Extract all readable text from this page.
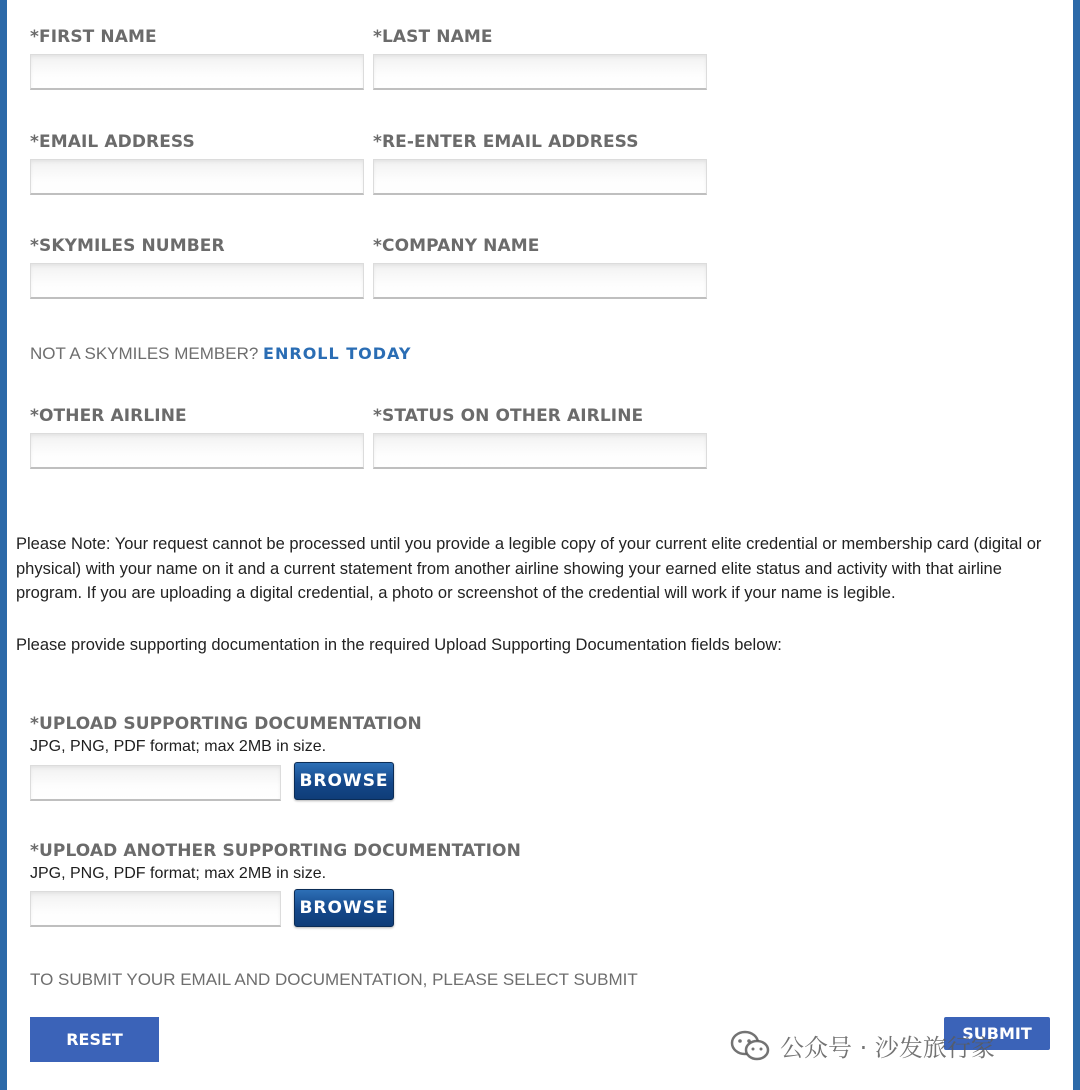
*FIRST NAME	*LAST NAME
*EMAIL ADDRESS	*RE-ENTER EMAIL ADDRESS
*SKYMILES NUMBER	*COMPANY NAME
NOT A SKYMILES MEMBER? ENROLL TODAY
*OTHER AIRLINE	*STATUS ON OTHER AIRLINE
Please Note: Your request cannot be processed until you provide a legible copy of your current elite credential or membership card (digital or physical) with your name on it and a current statement from another airline showing your earned elite status and activity with that airline program. If you are uploading a digital credential, a photo or screenshot of the credential will work if your name is legible.
Please provide supporting documentation in the required Upload Supporting Documentation fields below:
*UPLOAD SUPPORTING DOCUMENTATION
JPG, PNG, PDF format; max 2MB in size.
BROWSE
*UPLOAD ANOTHER SUPPORTING DOCUMENTATION
JPG, PNG, PDF format; max 2MB in size.
BROWSE
TO SUBMIT YOUR EMAIL AND DOCUMENTATION, PLEASE SELECT SUBMIT
RESET	SUBMIT
公众号 · 沙发旅行家
